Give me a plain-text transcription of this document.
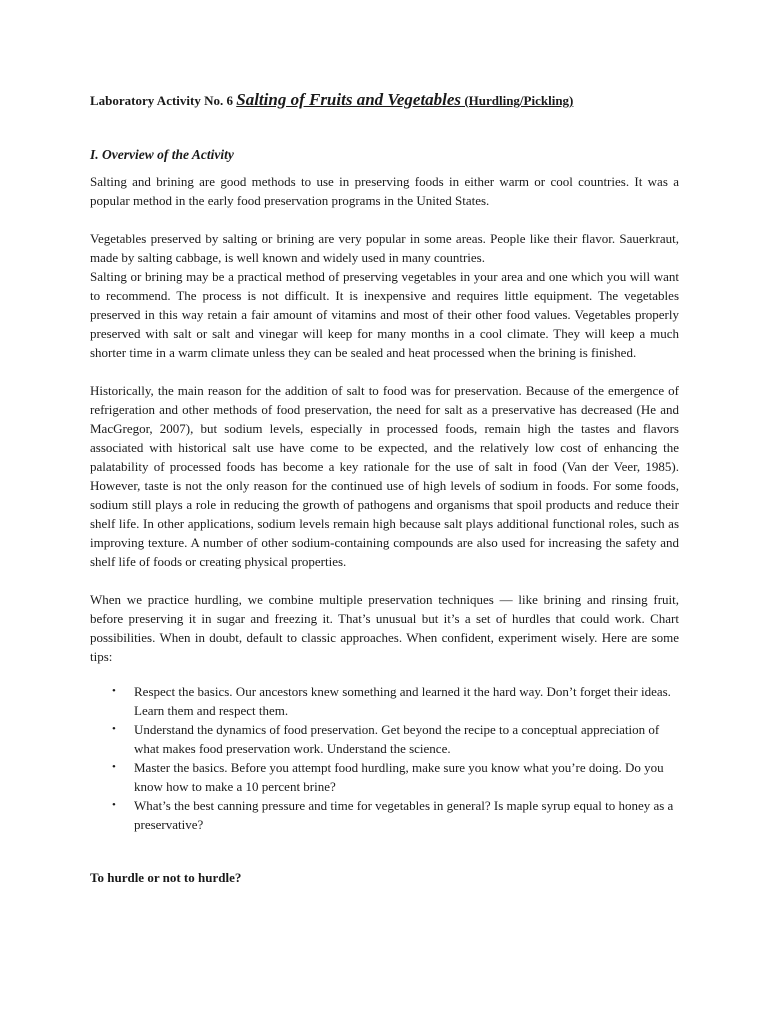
Laboratory Activity No. 6 Salting of Fruits and Vegetables (Hurdling/Pickling)
I. Overview of the Activity

Salting and brining are good methods to use in preserving foods in either warm or cool countries. It was a popular method in the early food preservation programs in the United States.

Vegetables preserved by salting or brining are very popular in some areas. People like their flavor. Sauerkraut, made by salting cabbage, is well known and widely used in many countries.

Salting or brining may be a practical method of preserving vegetables in your area and one which you will want to recommend. The process is not difficult. It is inexpensive and requires little equipment. The vegetables preserved in this way retain a fair amount of vitamins and most of their other food values. Vegetables properly preserved with salt or salt and vinegar will keep for many months in a cool climate. They will keep a much shorter time in a warm climate unless they can be sealed and heat processed when the brining is finished.

Historically, the main reason for the addition of salt to food was for preservation. Because of the emergence of refrigeration and other methods of food preservation, the need for salt as a preservative has decreased (He and MacGregor, 2007), but sodium levels, especially in processed foods, remain high the tastes and flavors associated with historical salt use have come to be expected, and the relatively low cost of enhancing the palatability of processed foods has become a key rationale for the use of salt in food (Van der Veer, 1985). However, taste is not the only reason for the continued use of high levels of sodium in foods. For some foods, sodium still plays a role in reducing the growth of pathogens and organisms that spoil products and reduce their shelf life. In other applications, sodium levels remain high because salt plays additional functional roles, such as improving texture. A number of other sodium-containing compounds are also used for increasing the safety and shelf life of foods or creating physical properties.

When we practice hurdling, we combine multiple preservation techniques — like brining and rinsing fruit, before preserving it in sugar and freezing it. That’s unusual but it’s a set of hurdles that could work. Chart possibilities. When in doubt, default to classic approaches. When confident, experiment wisely. Here are some tips:

• Respect the basics. Our ancestors knew something and learned it the hard way. Don’t forget their ideas. Learn them and respect them.
• Understand the dynamics of food preservation. Get beyond the recipe to a conceptual appreciation of what makes food preservation work. Understand the science.
• Master the basics. Before you attempt food hurdling, make sure you know what you’re doing. Do you know how to make a 10 percent brine?
• What’s the best canning pressure and time for vegetables in general? Is maple syrup equal to honey as a preservative?
To hurdle or not to hurdle?
